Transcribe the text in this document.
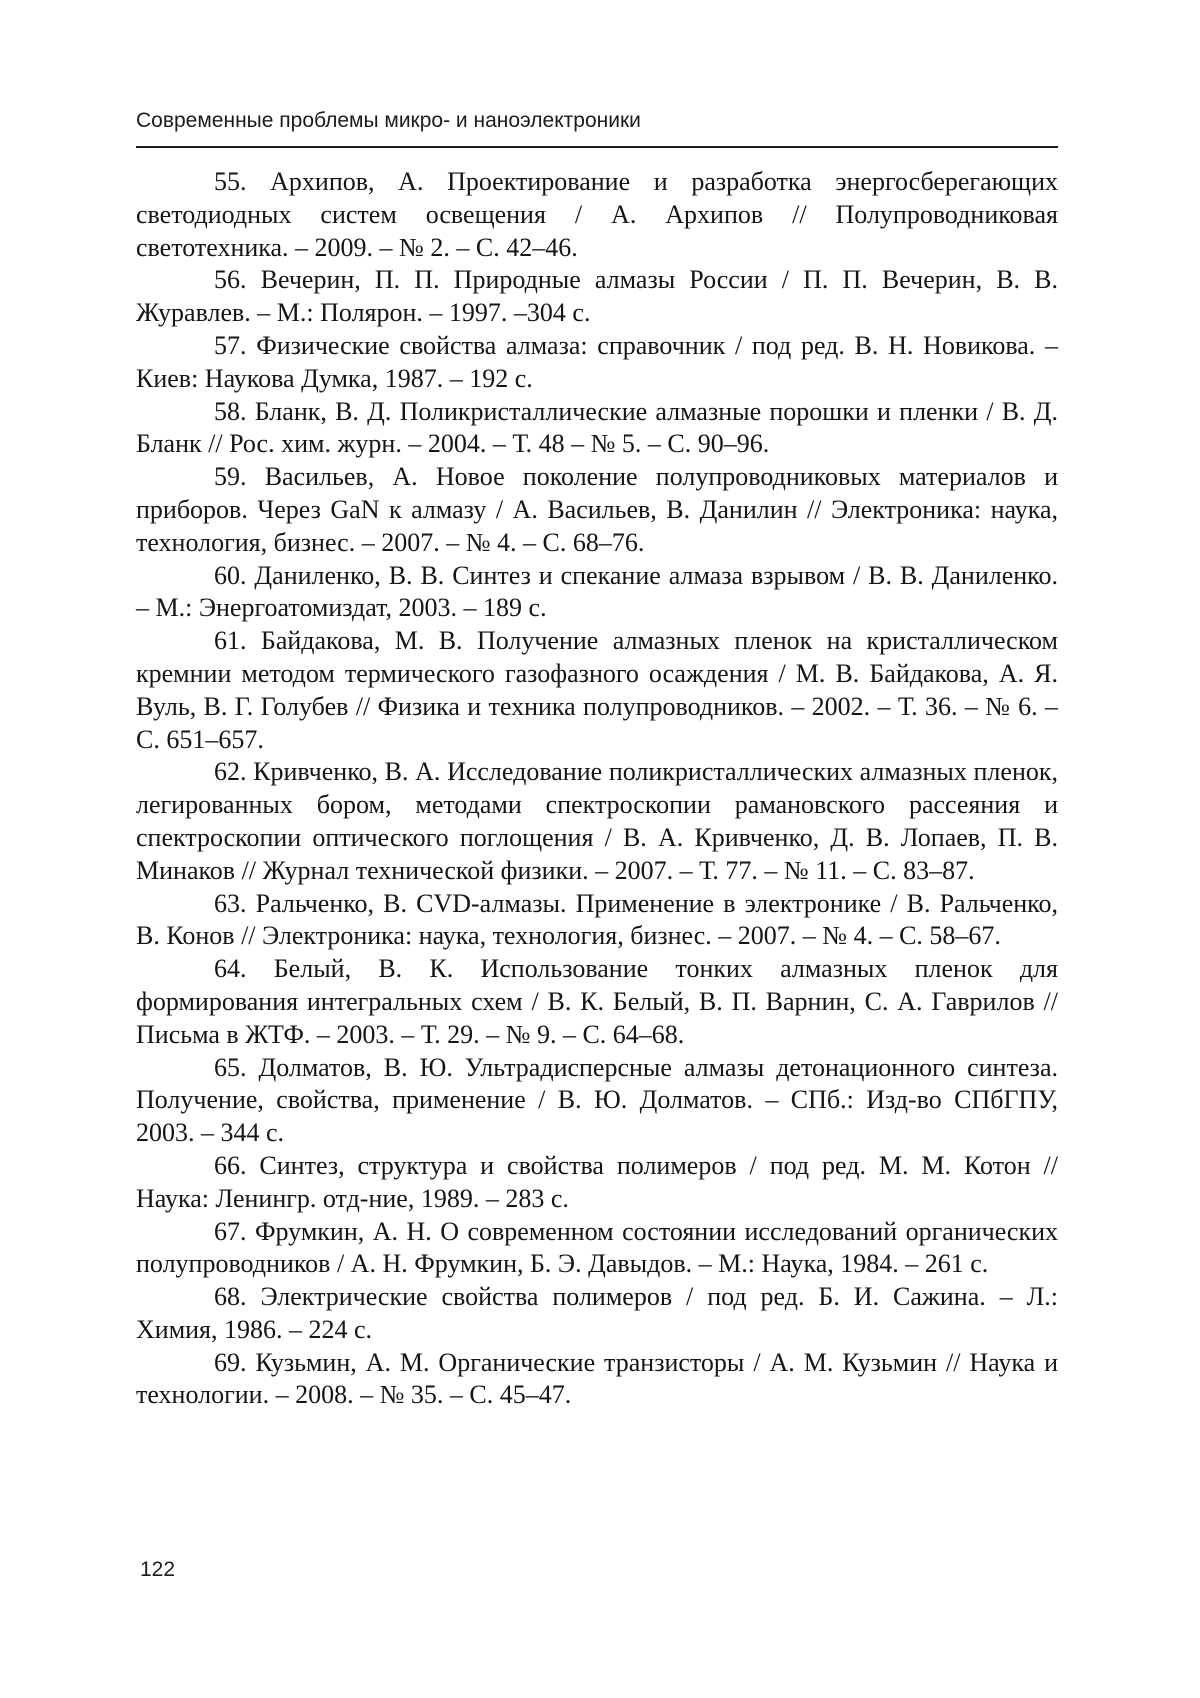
Современные проблемы микро- и наноэлектроники

55. Архипов, А. Проектирование и разработка энергосберегающих светодиодных систем освещения / А. Архипов // Полупроводниковая светотехника. – 2009. – № 2. – С. 42–46.

56. Вечерин, П. П. Природные алмазы России / П. П. Вечерин, В. В. Журавлев. – М.: Полярон. – 1997. –304 с.

57. Физические свойства алмаза: справочник / под ред. В. Н. Новикова. – Киев: Наукова Думка, 1987. – 192 с.

58. Бланк, В. Д. Поликристаллические алмазные порошки и пленки / В. Д. Бланк // Рос. хим. журн. – 2004. – Т. 48 – № 5. – С. 90–96.

59. Васильев, А. Новое поколение полупроводниковых материалов и приборов. Через GaN к алмазу / А. Васильев, В. Данилин // Электроника: наука, технология, бизнес. – 2007. – № 4. – С. 68–76.

60. Даниленко, В. В. Синтез и спекание алмаза взрывом / В. В. Даниленко. – М.: Энергоатомиздат, 2003. – 189 с.

61. Байдакова, М. В. Получение алмазных пленок на кристаллическом кремнии методом термического газофазного осаждения / М. В. Байдакова, А. Я. Вуль, В. Г. Голубев // Физика и техника полупроводников. – 2002. – Т. 36. – № 6. – С. 651–657.

62. Кривченко, В. А. Исследование поликристаллических алмазных пленок, легированных бором, методами спектроскопии рамановского рассеяния и спектроскопии оптического поглощения / В. А. Кривченко, Д. В. Лопаев, П. В. Минаков // Журнал технической физики. – 2007. – Т. 77. – № 11. – С. 83–87.

63. Ральченко, В. CVD-алмазы. Применение в электронике / В. Ральченко, В. Конов // Электроника: наука, технология, бизнес. – 2007. – № 4. – С. 58–67.

64. Белый, В. К. Использование тонких алмазных пленок для формирования интегральных схем / В. К. Белый, В. П. Варнин, С. А. Гаврилов // Письма в ЖТФ. – 2003. – Т. 29. – № 9. – С. 64–68.

65. Долматов, В. Ю. Ультрадисперсные алмазы детонационного синтеза. Получение, свойства, применение / В. Ю. Долматов. – СПб.: Изд-во СПбГПУ, 2003. – 344 с.

66. Синтез, структура и свойства полимеров / под ред. М. М. Котон // Наука: Ленингр. отд-ние, 1989. – 283 с.

67. Фрумкин, А. Н. О современном состоянии исследований органических полупроводников / А. Н. Фрумкин, Б. Э. Давыдов. – М.: Наука, 1984. – 261 с.

68. Электрические свойства полимеров / под ред. Б. И. Сажина. – Л.: Химия, 1986. – 224 с.

69. Кузьмин, А. М. Органические транзисторы / А. М. Кузьмин // Наука и технологии. – 2008. – № 35. – С. 45–47.

122
